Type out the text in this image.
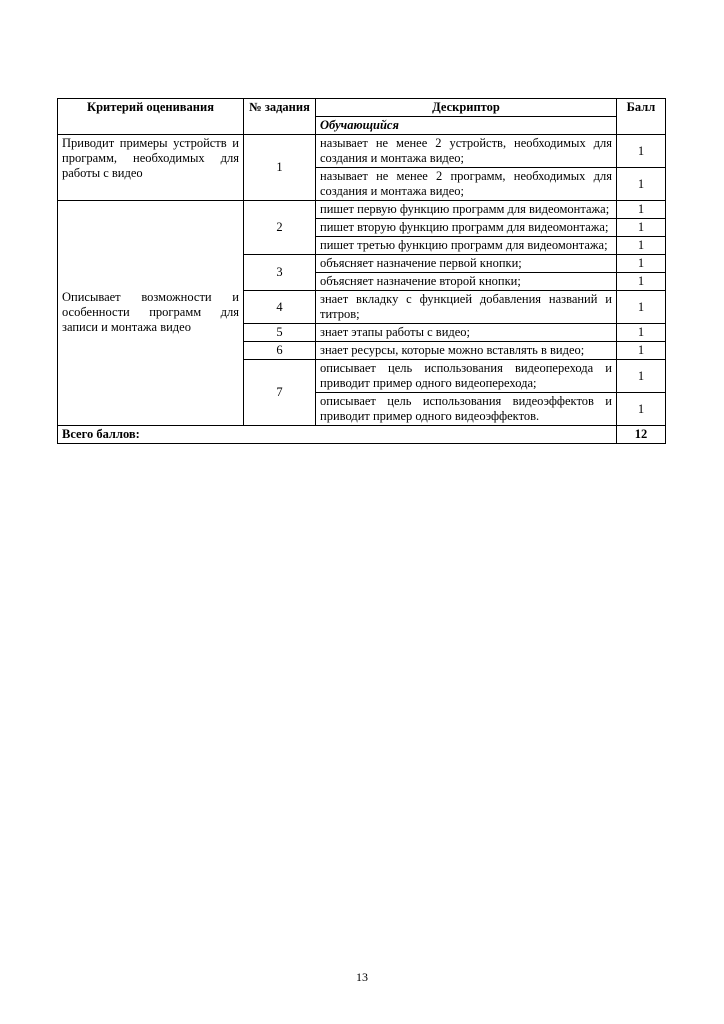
Критерий оценивания	№ задания	Дескриптор	Балл
		Обучающийся	
Приводит примеры устройств и программ, необходимых для работы с видео	1	называет не менее 2 устройств, необходимых для создания и монтажа видео;	1
		называет не менее 2 программ, необходимых для создания и монтажа видео;	1
Описывает возможности и особенности программ для записи и монтажа видео	2	пишет первую функцию программ для видеомонтажа;	1
		пишет вторую функцию программ для видеомонтажа;	1
		пишет третью функцию программ для видеомонтажа;	1
	3	объясняет назначение первой кнопки;	1
		объясняет назначение второй кнопки;	1
	4	знает вкладку с функцией добавления названий и титров;	1
	5	знает этапы работы с видео;	1
	6	знает ресурсы, которые можно вставлять в видео;	1
	7	описывает цель использования видеоперехода и приводит пример одного видеоперехода;	1
		описывает цель использования видеоэффектов и приводит пример одного видеоэффектов.	1
Всего баллов:			12
13
